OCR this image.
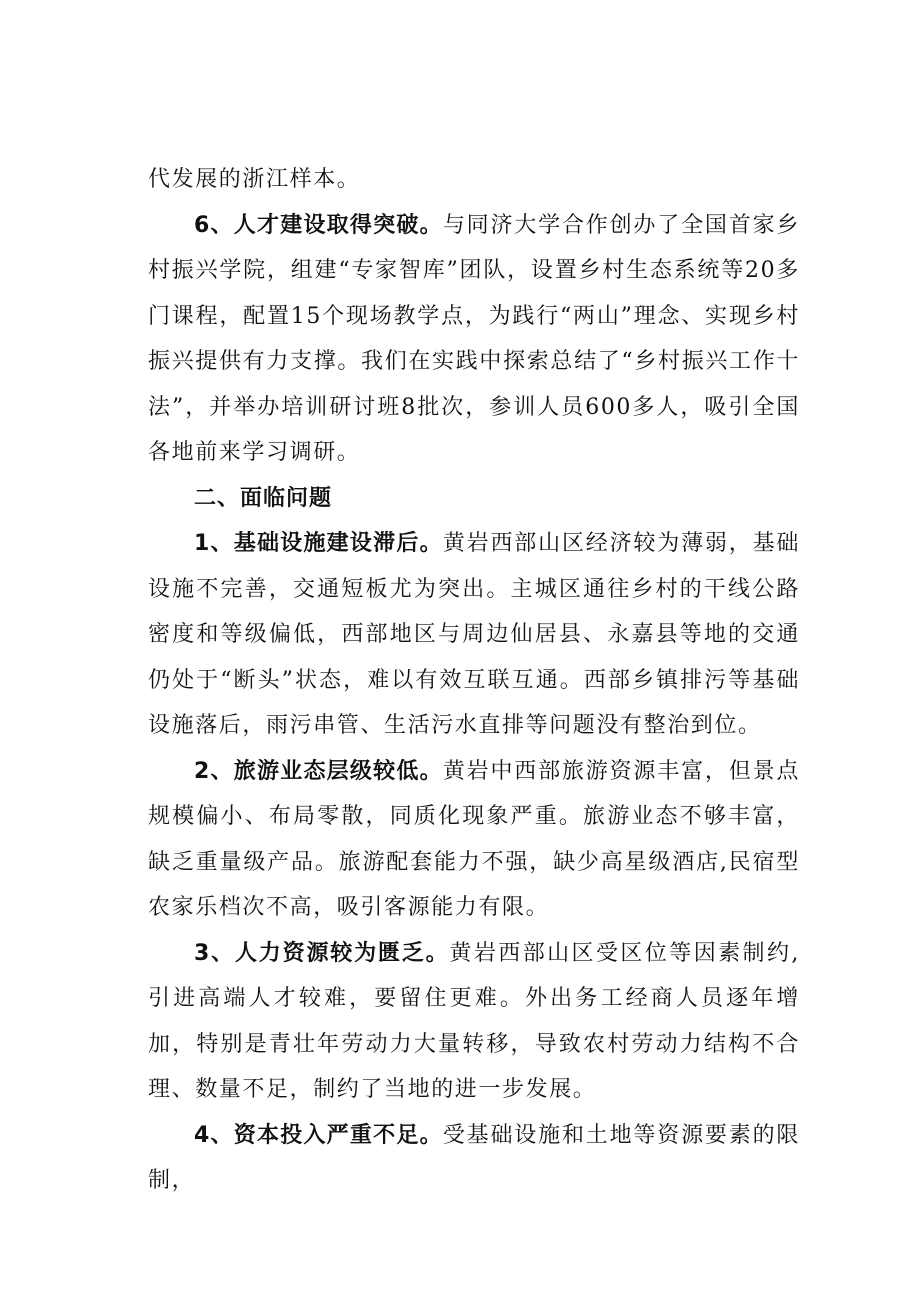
代发展的浙江样本。

6、人才建设取得突破。与同济大学合作创办了全国首家乡村振兴学院，组建“专家智库”团队，设置乡村生态系统等20多门课程，配置15个现场教学点，为践行“两山”理念、实现乡村振兴提供有力支撑。我们在实践中探索总结了“乡村振兴工作十法”，并举办培训研讨班8批次，参训人员600多人，吸引全国各地前来学习调研。

二、面临问题

1、基础设施建设滞后。黄岩西部山区经济较为薄弱，基础设施不完善，交通短板尤为突出。主城区通往乡村的干线公路密度和等级偏低，西部地区与周边仙居县、永嘉县等地的交通仍处于“断头”状态，难以有效互联互通。西部乡镇排污等基础设施落后，雨污串管、生活污水直排等问题没有整治到位。

2、旅游业态层级较低。黄岩中西部旅游资源丰富，但景点规模偏小、布局零散，同质化现象严重。旅游业态不够丰富，缺乏重量级产品。旅游配套能力不强，缺少高星级酒店,民宿型农家乐档次不高，吸引客源能力有限。

3、人力资源较为匮乏。黄岩西部山区受区位等因素制约,引进高端人才较难，要留住更难。外出务工经商人员逐年增加，特别是青壮年劳动力大量转移，导致农村劳动力结构不合理、数量不足，制约了当地的进一步发展。

4、资本投入严重不足。受基础设施和土地等资源要素的限制，
